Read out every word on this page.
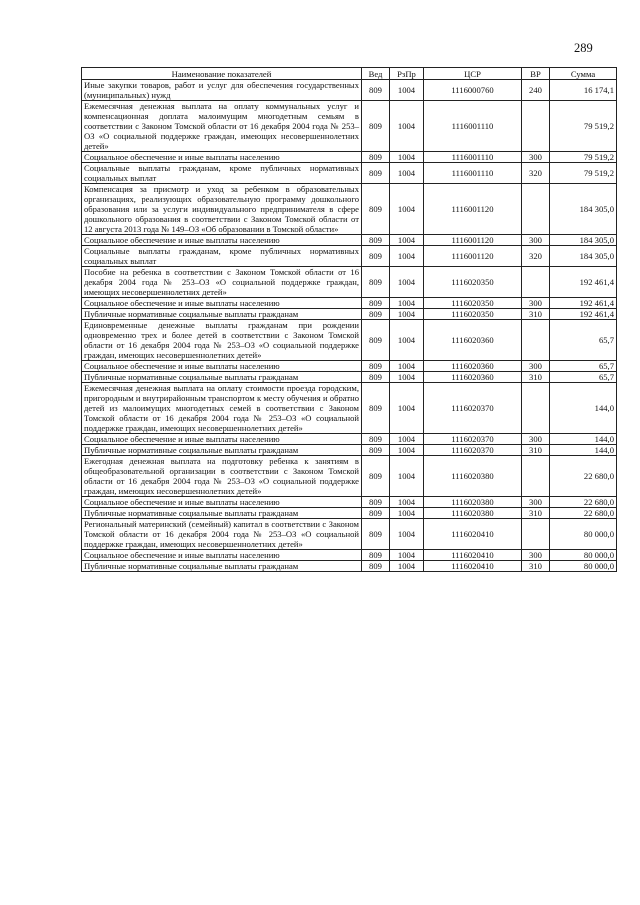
289
Наименование показателей	Вед	РзПр	ЦСР	ВР	Сумма
Иные закупки товаров, работ и услуг для обеспечения государственных (муниципальных) нужд	809	1004	1116000760	240	16 174,1
Ежемесячная денежная выплата на оплату коммунальных услуг и компенсационная доплата малоимущим многодетным семьям в соответствии с Законом Томской области от 16 декабря 2004 года № 253–ОЗ «О социальной поддержке граждан, имеющих несовершеннолетних детей»	809	1004	1116001110		79 519,2
Социальное обеспечение и иные выплаты населению	809	1004	1116001110	300	79 519,2
Социальные выплаты гражданам, кроме публичных нормативных социальных выплат	809	1004	1116001110	320	79 519,2
Компенсация за присмотр и уход за ребенком в образовательных организациях, реализующих образовательную программу дошкольного образования или за услуги индивидуального предпринимателя в сфере дошкольного образования в соответствии с Законом Томской области от 12 августа 2013 года № 149–ОЗ «Об образовании в Томской области»	809	1004	1116001120		184 305,0
Социальное обеспечение и иные выплаты населению	809	1004	1116001120	300	184 305,0
Социальные выплаты гражданам, кроме публичных нормативных социальных выплат	809	1004	1116001120	320	184 305,0
Пособие на ребенка в соответствии с Законом Томской области от 16 декабря 2004 года № 253–ОЗ «О социальной поддержке граждан, имеющих несовершеннолетних детей»	809	1004	1116020350		192 461,4
Социальное обеспечение и иные выплаты населению	809	1004	1116020350	300	192 461,4
Публичные нормативные социальные выплаты гражданам	809	1004	1116020350	310	192 461,4
Единовременные денежные выплаты гражданам при рождении одновременно трех и более детей в соответствии с Законом Томской области от 16 декабря 2004 года № 253–ОЗ «О социальной поддержке граждан, имеющих несовершеннолетних детей»	809	1004	1116020360		65,7
Социальное обеспечение и иные выплаты населению	809	1004	1116020360	300	65,7
Публичные нормативные социальные выплаты гражданам	809	1004	1116020360	310	65,7
Ежемесячная денежная выплата на оплату стоимости проезда городским, пригородным и внутрирайонным транспортом к месту обучения и обратно детей из малоимущих многодетных семей в соответствии с Законом Томской области от 16 декабря 2004 года № 253–ОЗ «О социальной поддержке граждан, имеющих несовершеннолетних детей»	809	1004	1116020370		144,0
Социальное обеспечение и иные выплаты населению	809	1004	1116020370	300	144,0
Публичные нормативные социальные выплаты гражданам	809	1004	1116020370	310	144,0
Ежегодная денежная выплата на подготовку ребенка к занятиям в общеобразовательной организации в соответствии с Законом Томской области от 16 декабря 2004 года № 253–ОЗ «О социальной поддержке граждан, имеющих несовершеннолетних детей»	809	1004	1116020380		22 680,0
Социальное обеспечение и иные выплаты населению	809	1004	1116020380	300	22 680,0
Публичные нормативные социальные выплаты гражданам	809	1004	1116020380	310	22 680,0
Региональный материнский (семейный) капитал в соответствии с Законом Томской области от 16 декабря 2004 года № 253–ОЗ «О социальной поддержке граждан, имеющих несовершеннолетних детей»	809	1004	1116020410		80 000,0
Социальное обеспечение и иные выплаты населению	809	1004	1116020410	300	80 000,0
Публичные нормативные социальные выплаты гражданам	809	1004	1116020410	310	80 000,0
